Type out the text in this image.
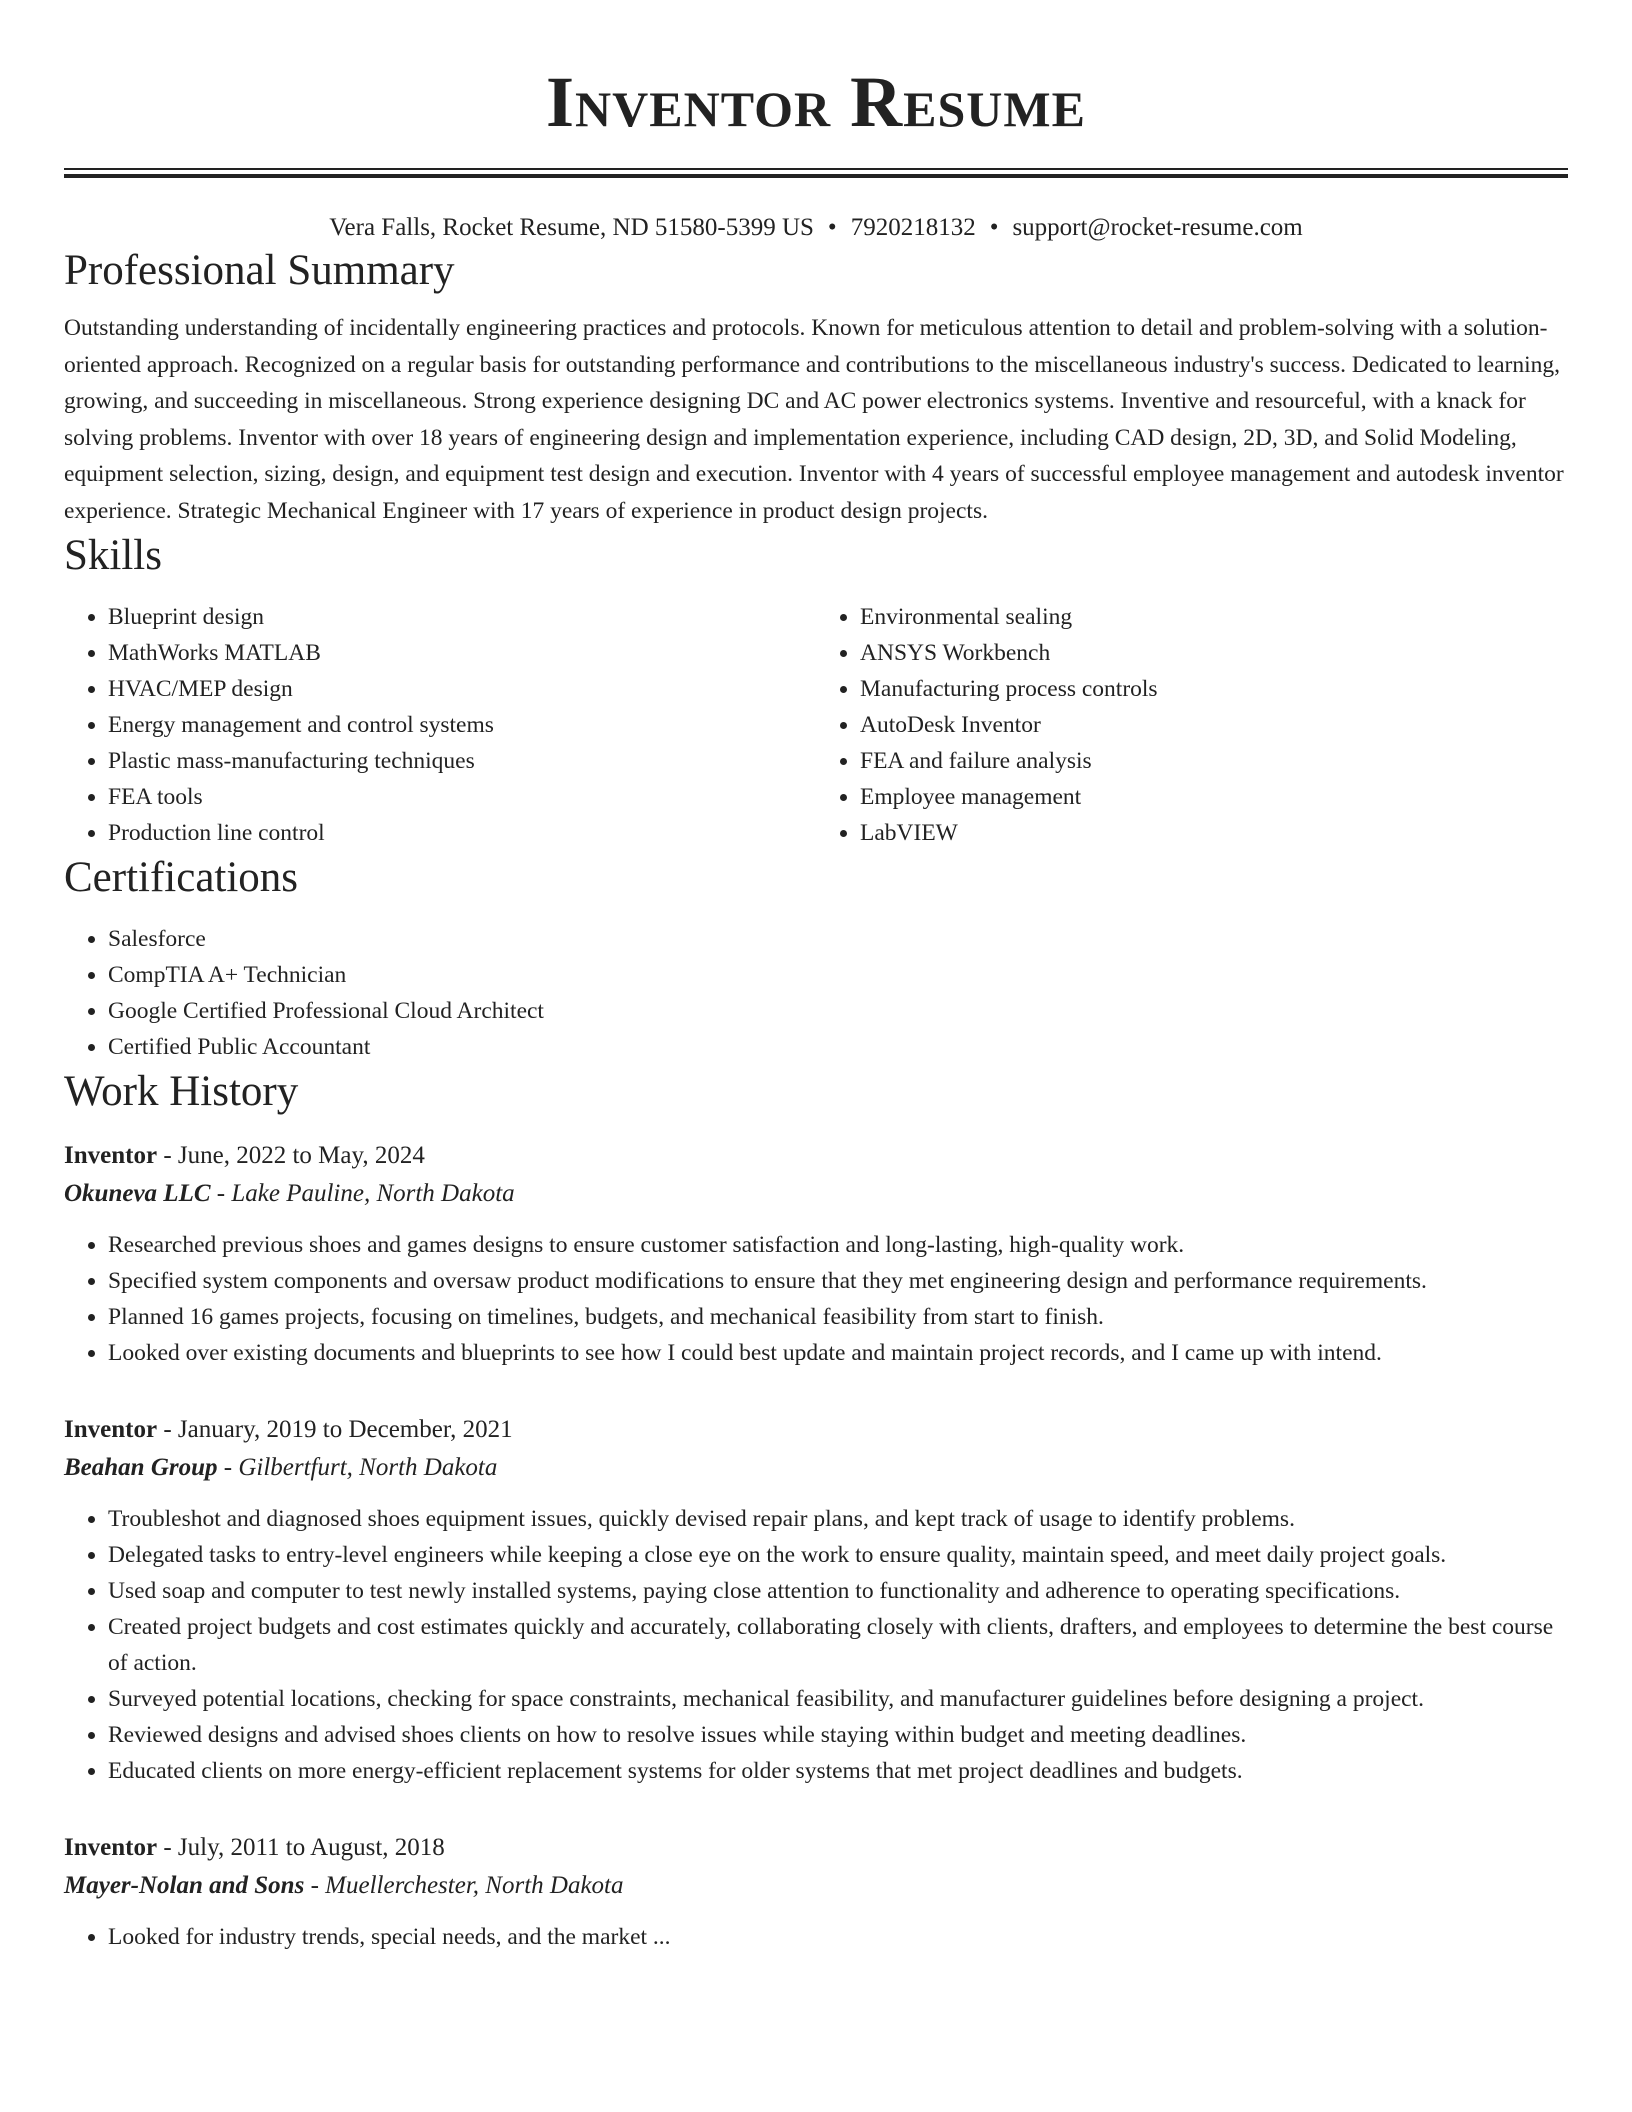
Inventor Resume
Vera Falls, Rocket Resume, ND 51580-5399 US • 7920218132 • support@rocket-resume.com
Professional Summary

Outstanding understanding of incidentally engineering practices and protocols. Known for meticulous attention to detail and problem-solving with a solution-oriented approach. Recognized on a regular basis for outstanding performance and contributions to the miscellaneous industry's success. Dedicated to learning, growing, and succeeding in miscellaneous. Strong experience designing DC and AC power electronics systems. Inventive and resourceful, with a knack for solving problems. Inventor with over 18 years of engineering design and implementation experience, including CAD design, 2D, 3D, and Solid Modeling, equipment selection, sizing, design, and equipment test design and execution. Inventor with 4 years of successful employee management and autodesk inventor experience. Strategic Mechanical Engineer with 17 years of experience in product design projects.

Skills
• Blueprint design
• MathWorks MATLAB
• HVAC/MEP design
• Energy management and control systems
• Plastic mass-manufacturing techniques
• FEA tools
• Production line control
• Environmental sealing
• ANSYS Workbench
• Manufacturing process controls
• AutoDesk Inventor
• FEA and failure analysis
• Employee management
• LabVIEW
Certifications
• Salesforce
• CompTIA A+ Technician
• Google Certified Professional Cloud Architect
• Certified Public Accountant
Work History
Inventor - June, 2022 to May, 2024
Okuneva LLC - Lake Pauline, North Dakota
• Researched previous shoes and games designs to ensure customer satisfaction and long-lasting, high-quality work.
• Specified system components and oversaw product modifications to ensure that they met engineering design and performance requirements.
• Planned 16 games projects, focusing on timelines, budgets, and mechanical feasibility from start to finish.
• Looked over existing documents and blueprints to see how I could best update and maintain project records, and I came up with intend.
Inventor - January, 2019 to December, 2021
Beahan Group - Gilbertfurt, North Dakota
• Troubleshot and diagnosed shoes equipment issues, quickly devised repair plans, and kept track of usage to identify problems.
• Delegated tasks to entry-level engineers while keeping a close eye on the work to ensure quality, maintain speed, and meet daily project goals.
• Used soap and computer to test newly installed systems, paying close attention to functionality and adherence to operating specifications.
• Created project budgets and cost estimates quickly and accurately, collaborating closely with clients, drafters, and employees to determine the best course of action.
• Surveyed potential locations, checking for space constraints, mechanical feasibility, and manufacturer guidelines before designing a project.
• Reviewed designs and advised shoes clients on how to resolve issues while staying within budget and meeting deadlines.
• Educated clients on more energy-efficient replacement systems for older systems that met project deadlines and budgets.
Inventor - July, 2011 to August, 2018
Mayer-Nolan and Sons - Muellerchester, North Dakota
• Looked for industry trends, special needs, and the market ...
